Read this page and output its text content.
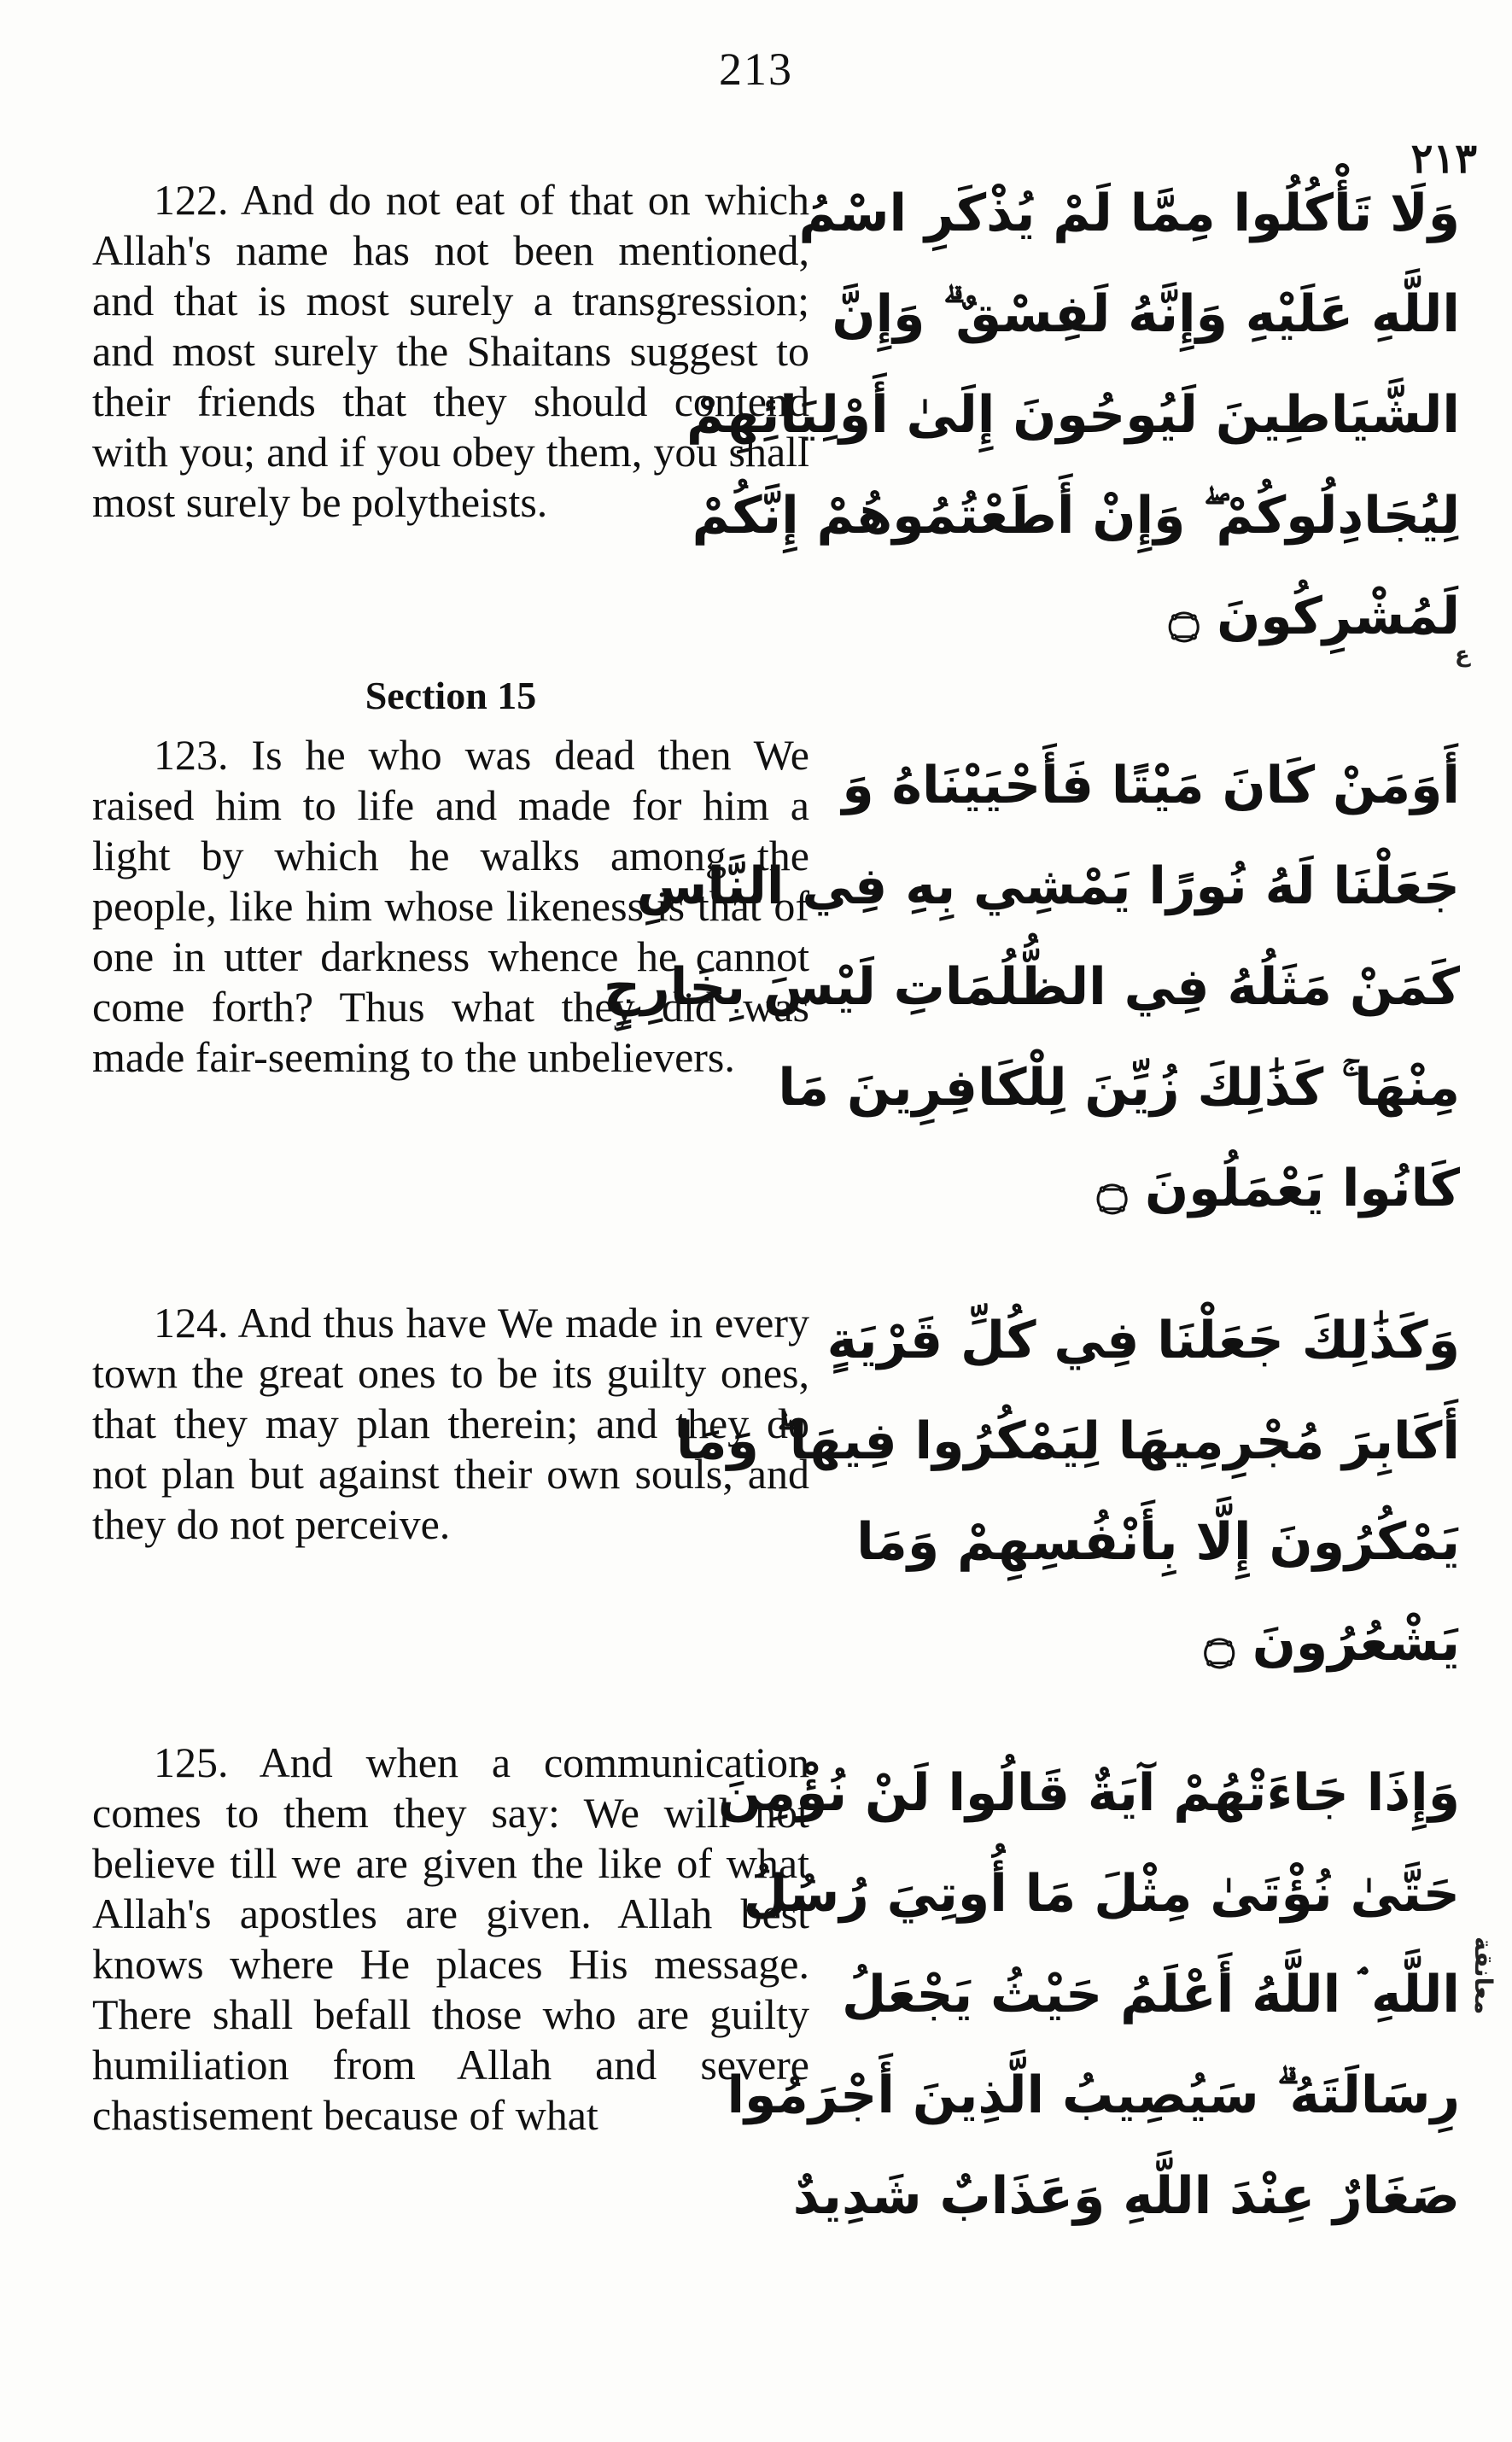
213
٢١٣
122. And do not eat of that on which Allah's name has not been mentioned, and that is most surely a transgression; and most surely the Shaitans suggest to their friends that they should contend with you; and if you obey them, you shall most surely be polytheists.
Section 15
123. Is he who was dead then We raised him to life and made for him a light by which he walks among the people, like him whose likeness is that of one in utter darkness whence he cannot come forth? Thus what they did was made fair-seeming to the unbelievers.
124. And thus have We made in every town the great ones to be its guilty ones, that they may plan therein; and they do not plan but against their own souls, and they do not perceive.
125. And when a communication comes to them they say: We will not believe till we are given the like of what Allah's apostles are given. Allah best knows where He places His message. There shall befall those who are guilty humiliation from Allah and severe chastisement because of what
وَلَا تَأْكُلُوا مِمَّا لَمْ يُذْكَرِ اسْمُ
اللَّهِ عَلَيْهِ وَإِنَّهُ لَفِسْقٌ ۗ وَإِنَّ
الشَّيَاطِينَ لَيُوحُونَ إِلَىٰ أَوْلِيَائِهِمْ
لِيُجَادِلُوكُمْ ۖ وَإِنْ أَطَعْتُمُوهُمْ إِنَّكُمْ
لَمُشْرِكُونَ ۝
أَوَمَنْ كَانَ مَيْتًا فَأَحْيَيْنَاهُ وَ
جَعَلْنَا لَهُ نُورًا يَمْشِي بِهِ فِي النَّاسِ
كَمَنْ مَثَلُهُ فِي الظُّلُمَاتِ لَيْسَ بِخَارِجٍ
مِنْهَا ۚ كَذَٰلِكَ زُيِّنَ لِلْكَافِرِينَ مَا
كَانُوا يَعْمَلُونَ ۝
وَكَذَٰلِكَ جَعَلْنَا فِي كُلِّ قَرْيَةٍ
أَكَابِرَ مُجْرِمِيهَا لِيَمْكُرُوا فِيهَا ۖ وَمَا
يَمْكُرُونَ إِلَّا بِأَنْفُسِهِمْ وَمَا
يَشْعُرُونَ ۝
وَإِذَا جَاءَتْهُمْ آيَةٌ قَالُوا لَنْ نُؤْمِنَ
حَتَّىٰ نُؤْتَىٰ مِثْلَ مَا أُوتِيَ رُسُلُ
اللَّهِ ۘ اللَّهُ أَعْلَمُ حَيْثُ يَجْعَلُ
رِسَالَتَهُ ۗ سَيُصِيبُ الَّذِينَ أَجْرَمُوا
صَغَارٌ عِنْدَ اللَّهِ وَعَذَابٌ شَدِيدٌ
ع
معانقة
